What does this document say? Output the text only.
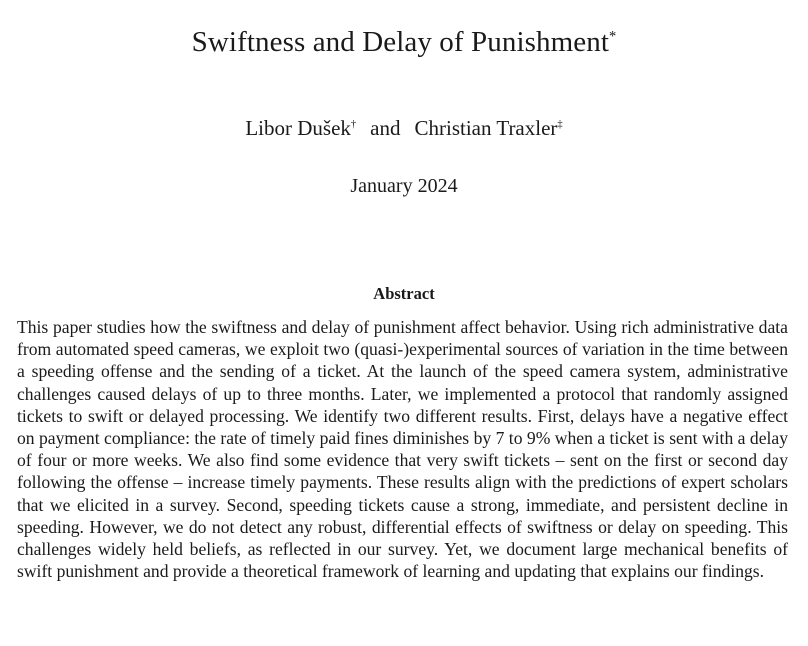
Swiftness and Delay of Punishment*
Libor Dušek† and Christian Traxler‡
January 2024
Abstract

This paper studies how the swiftness and delay of punishment affect behavior. Using rich administrative data from automated speed cameras, we exploit two (quasi-)experimental sources of variation in the time between a speeding offense and the sending of a ticket. At the launch of the speed camera system, administrative challenges caused delays of up to three months. Later, we implemented a protocol that randomly assigned tickets to swift or delayed processing. We identify two different results. First, delays have a negative effect on payment compliance: the rate of timely paid fines diminishes by 7 to 9% when a ticket is sent with a delay of four or more weeks. We also find some evidence that very swift tickets – sent on the first or second day following the offense – increase timely payments. These results align with the predictions of expert scholars that we elicited in a survey. Second, speeding tickets cause a strong, immediate, and persistent decline in speeding. However, we do not detect any robust, differential effects of swiftness or delay on speeding. This challenges widely held beliefs, as reflected in our survey. Yet, we document large mechanical benefits of swift punishment and provide a theoretical framework of learning and updating that explains our findings.
